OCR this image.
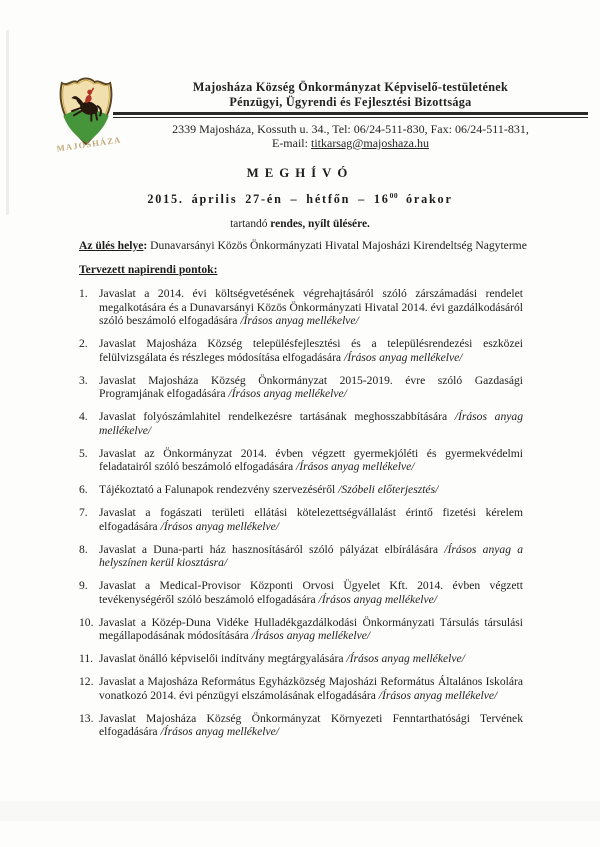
MAJOSHÁZA
Majosháza Község Önkormányzat Képviselő-testületének
Pénzügyi, Ügyrendi és Fejlesztési Bizottsága
2339 Majosháza, Kossuth u. 34., Tel: 06/24-511-830, Fax: 06/24-511-831,
E-mail: titkarsag@majoshaza.hu
MEGHÍVÓ
2015. április 27-én – hétfőn – $16^{00}$ órakor
tartandó rendes, nyílt ülésére.
Az ülés helye: Dunavarsányi Közös Önkormányzati Hivatal Majosházi Kirendeltség Nagyterme
Tervezett napirendi pontok:
1. Javaslat a 2014. évi költségvetésének végrehajtásáról szóló zárszámadási rendelet megalkotására és a Dunavarsányi Közös Önkormányzati Hivatal 2014. évi gazdálkodásáról szóló beszámoló elfogadására /Írásos anyag mellékelve/
2. Javaslat Majosháza Község településfejlesztési és a településrendezési eszközei felülvizsgálata és részleges módosítása elfogadására /Írásos anyag mellékelve/
3. Javaslat Majosháza Község Önkormányzat 2015-2019. évre szóló Gazdasági Programjának elfogadására /Írásos anyag mellékelve/
4. Javaslat folyószámlahitel rendelkezésre tartásának meghosszabbítására /Írásos anyag mellékelve/
5. Javaslat az Önkormányzat 2014. évben végzett gyermekjóléti és gyermekvédelmi feladatairól szóló beszámoló elfogadására /Írásos anyag mellékelve/
6. Tájékoztató a Falunapok rendezvény szervezéséről /Szóbeli előterjesztés/
7. Javaslat a fogászati területi ellátási kötelezettségvállalást érintő fizetési kérelem elfogadására /Írásos anyag mellékelve/
8. Javaslat a Duna-parti ház hasznosításáról szóló pályázat elbírálására /Írásos anyag a helyszínen kerül kiosztásra/
9. Javaslat a Medical-Provisor Központi Orvosi Ügyelet Kft. 2014. évben végzett tevékenységéről szóló beszámoló elfogadására /Írásos anyag mellékelve/
10. Javaslat a Közép-Duna Vidéke Hulladékgazdálkodási Önkormányzati Társulás társulási megállapodásának módosítására /Írásos anyag mellékelve/
11. Javaslat önálló képviselői indítvány megtárgyalására /Írásos anyag mellékelve/
12. Javaslat a Majosháza Református Egyházközség Majosházi Református Általános Iskolára vonatkozó 2014. évi pénzügyi elszámolásának elfogadására /Írásos anyag mellékelve/
13. Javaslat Majosháza Község Önkormányzat Környezeti Fenntarthatósági Tervének elfogadására /Írásos anyag mellékelve/
